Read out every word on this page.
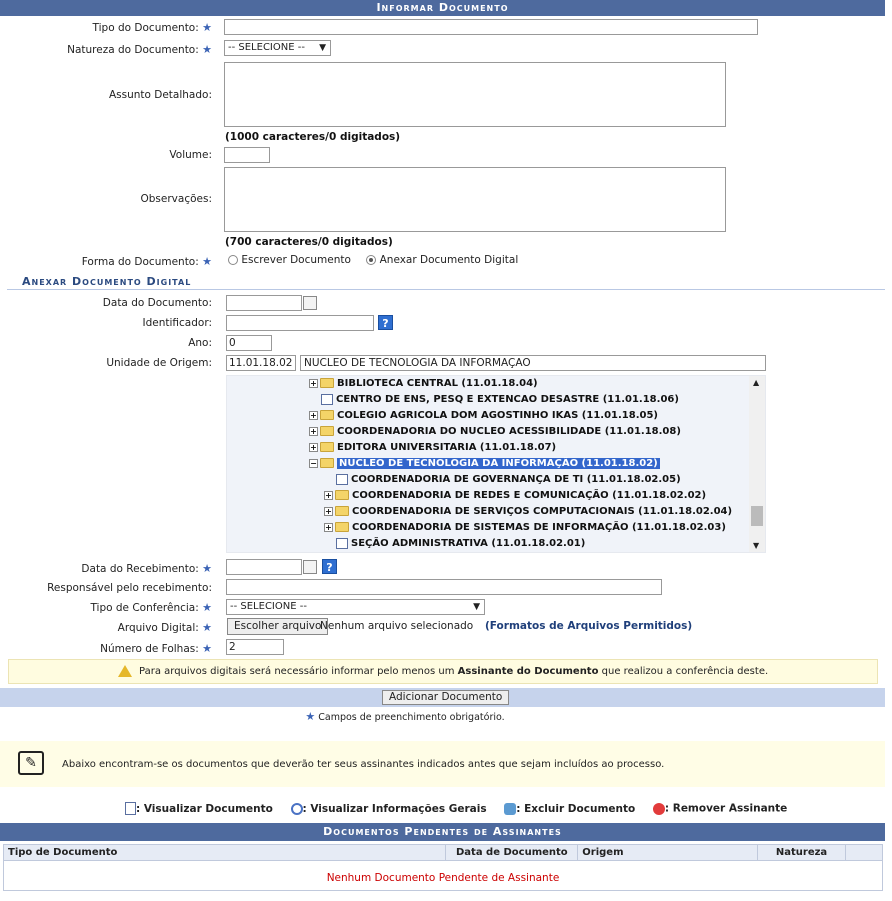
Informar Documento
Tipo do Documento: ★
Natureza do Documento: ★	-- SELECIONE -- ▼
Assunto Detalhado:
(1000 caracteres/0 digitados)
Volume:
Observações:
(700 caracteres/0 digitados)
Forma do Documento: ★	Escrever Documento	Anexar Documento Digital
Anexar Documento Digital
Data do Documento:
Identificador:	?
Ano: 0
Unidade de Origem: 11.01.18.02	NUCLEO DE TECNOLOGIA DA INFORMAÇAO
+ BIBLIOTECA CENTRAL (11.01.18.04)
CENTRO DE ENS, PESQ E EXTENCAO DESASTRE (11.01.18.06)
+ COLEGIO AGRICOLA DOM AGOSTINHO IKAS (11.01.18.05)
+ COORDENADORIA DO NUCLEO ACESSIBILIDADE (11.01.18.08)
+ EDITORA UNIVERSITARIA (11.01.18.07)
− NUCLEO DE TECNOLOGIA DA INFORMAÇÃO (11.01.18.02)
COORDENADORIA DE GOVERNANÇA DE TI (11.01.18.02.05)
+ COORDENADORIA DE REDES E COMUNICAÇÃO (11.01.18.02.02)
+ COORDENADORIA DE SERVIÇOS COMPUTACIONAIS (11.01.18.02.04)
+ COORDENADORIA DE SISTEMAS DE INFORMAÇÃO (11.01.18.02.03)
SEÇÃO ADMINISTRATIVA (11.01.18.02.01)
▲
▼
Data do Recebimento: ★	?
Responsável pelo recebimento:
Tipo de Conferência: ★	-- SELECIONE --	▼
Arquivo Digital: ★	Escolher arquivo
Nenhum arquivo selecionado (Formatos de Arquivos Permitidos)
Número de Folhas: ★ 2
Para arquivos digitais será necessário informar pelo menos um Assinante do Documento que realizou a conferência deste.
Adicionar Documento
★ Campos de preenchimento obrigatório.
✎	Abaixo encontram-se os documentos que deverão ter seus assinantes indicados antes que sejam incluídos ao processo.
: Visualizar Documento	: Visualizar Informações Gerais	: Excluir Documento	: Remover Assinante
Documentos Pendentes de Assinantes
Tipo de Documento	Data de Documento	Origem	Natureza	
Nenhum Documento Pendente de Assinante
